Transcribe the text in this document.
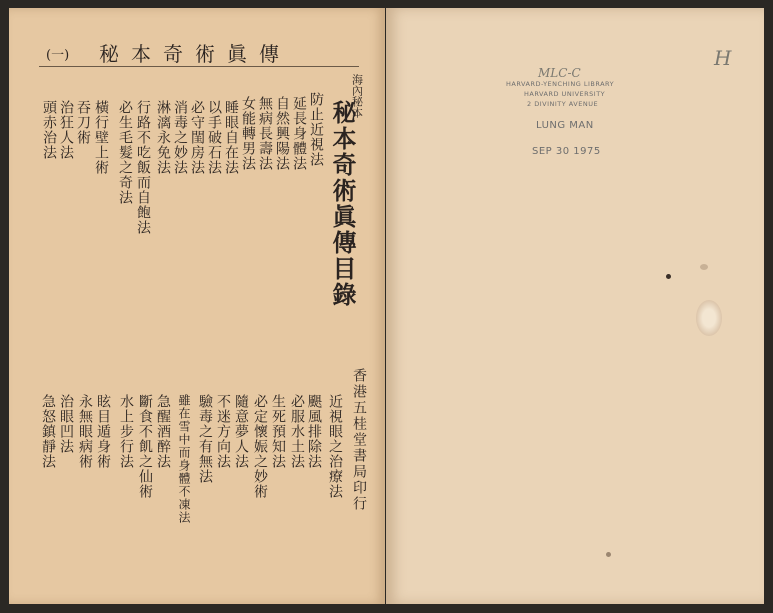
(一) 秘本奇術眞傳
海內秘本
秘本奇術眞傳目錄
香港五桂堂書局印行
防止近視法
延長身體法
自然興陽法
無病長壽法
女能轉男法
睡眼自在法
以手破石法
必守閨房法
消毒之妙法
淋漓永免法
必生毛髮之奇法 行路不吃飯而自飽法
橫行壁上術
吞刀術
治狂人法
頭赤治法
近視眼之治療法
颶風排除法
必服水土法
生死預知法
必定懷娠之妙術
隨意夢人法
不迷方向法
驗毒之有無法
雖在雪中而身體不凍法
急醒酒醉法
斷食不飢之仙術
水上步行法
眩目遁身術
永無眼病術
治眼凹法
急怒鎮靜法
MLC-C
HARVARD-YENCHING LIBRARY
HARVARD UNIVERSITY
2 DIVINITY AVENUE
LUNG MAN
SEP 30 1975
H
